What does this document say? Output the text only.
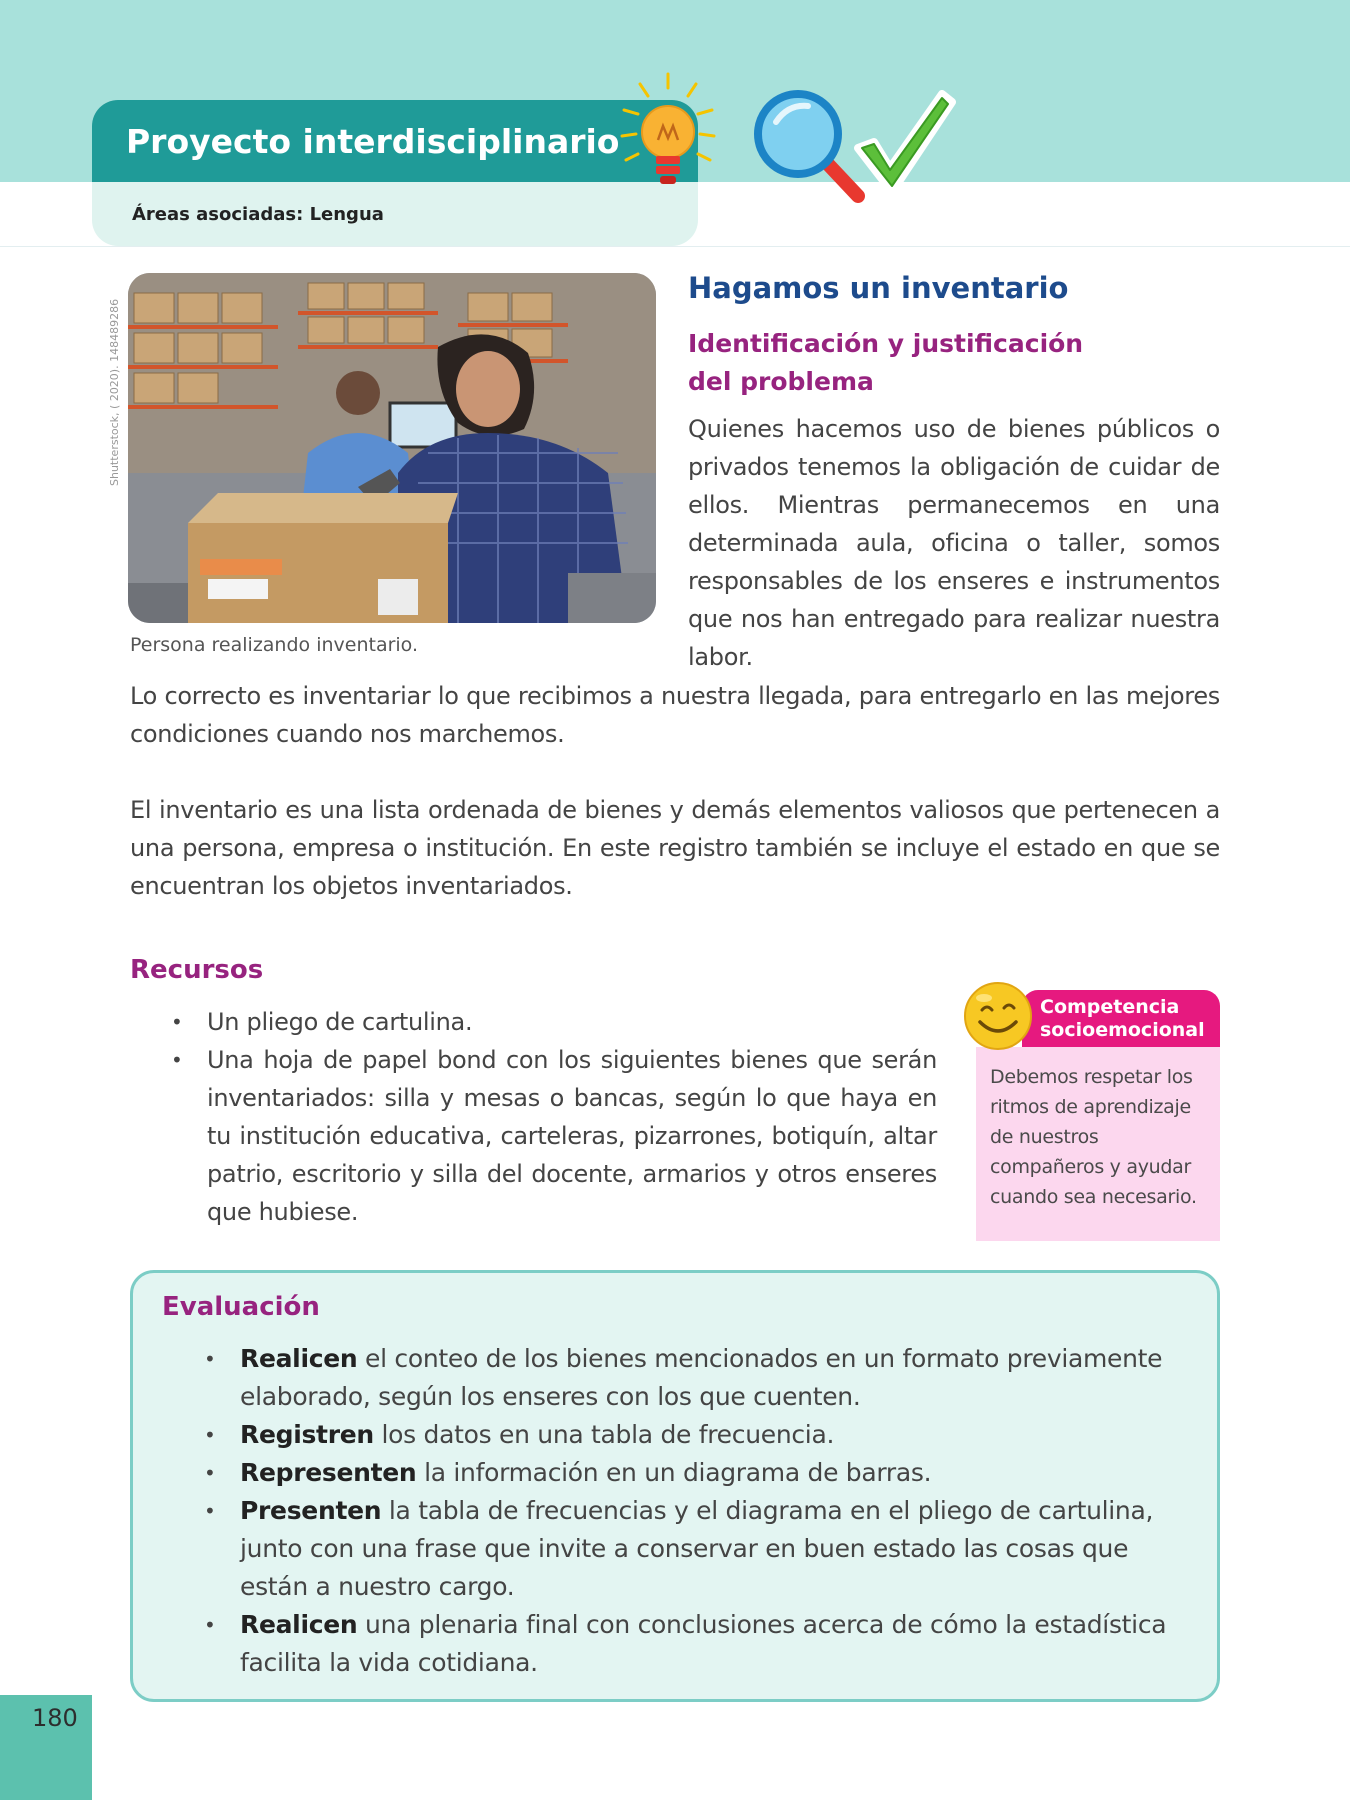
Proyecto interdisciplinario
Áreas asociadas: Lengua
Shutterstock, ( 2020). 148489286
Persona realizando inventario.
Hagamos un inventario
Identificación y justificación del problema

Quienes hacemos uso de bienes públicos o privados tenemos la obligación de cuidar de ellos. Mientras permanecemos en una determinada aula, oficina o taller, somos responsables de los enseres e instrumentos que nos han entregado para realizar nuestra labor.

Lo correcto es inventariar lo que recibimos a nuestra llegada, para entregarlo en las mejores condiciones cuando nos marchemos.

El inventario es una lista ordenada de bienes y demás elementos valiosos que pertenecen a una persona, empresa o institución. En este registro también se incluye el estado en que se encuentran los objetos inventariados.

Recursos
• Un pliego de cartulina.
• Una hoja de papel bond con los siguientes bienes que serán inventariados: silla y mesas o bancas, según lo que haya en tu institución educativa, carteleras, pizarrones, botiquín, altar patrio, escritorio y silla del docente, armarios y otros enseres que hubiese.
Competencia
socioemocional

Debemos respetar los ritmos de aprendizaje de nuestros compañeros y ayudar cuando sea necesario.

Evaluación
• Realicen el conteo de los bienes mencionados en un formato previamente elaborado, según los enseres con los que cuenten.
• Registren los datos en una tabla de frecuencia.
• Representen la información en un diagrama de barras.
• Presenten la tabla de frecuencias y el diagrama en el pliego de cartulina, junto con una frase que invite a conservar en buen estado las cosas que están a nuestro cargo.
• Realicen una plenaria final con conclusiones acerca de cómo la estadística facilita la vida cotidiana.
180
